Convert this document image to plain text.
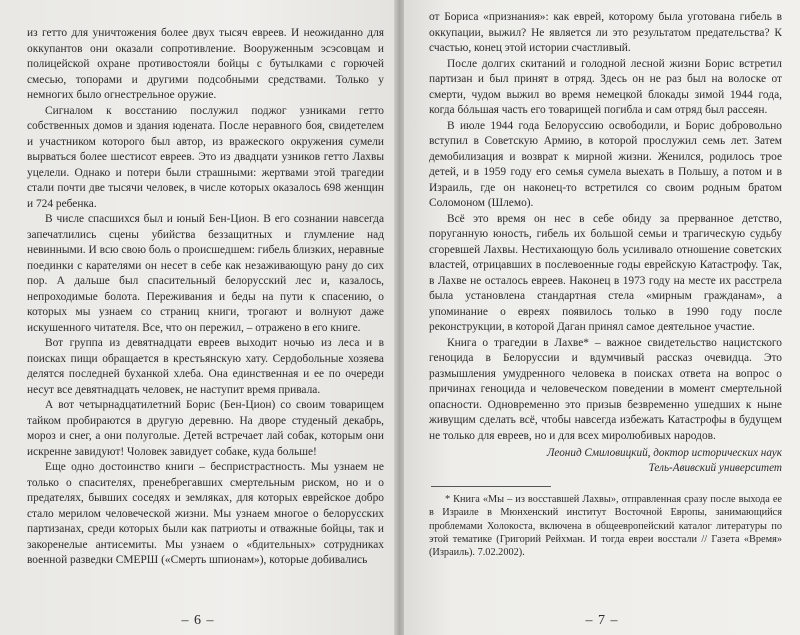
из гетто для уничтожения более двух тысяч евреев. И неожиданно для оккупантов они оказали сопротивление. Вооруженным эсэсовцам и полицейской охране противостояли бойцы с бутылками с горючей смесью, топорами и другими подсобными средствами. Только у немногих было огнестрельное оружие.

Сигналом к восстанию послужил поджог узниками гетто собственных домов и здания юдената. После неравного боя, свидетелем и участником которого был автор, из вражеского окружения сумели вырваться более шестисот евреев. Это из двадцати узников гетто Лахвы уцелели. Однако и потери были страшными: жертвами этой трагедии стали почти две тысячи человек, в числе которых оказалось 698 женщин и 724 ребенка.

В числе спасшихся был и юный Бен-Цион. В его сознании навсегда запечатлились сцены убийства беззащитных и глумление над невинными. И всю свою боль о происшедшем: гибель близких, неравные поединки с карателями он несет в себе как незаживающую рану до сих пор. А дальше был спасительный белорусский лес и, казалось, непроходимые болота. Переживания и беды на пути к спасению, о которых мы узнаем со страниц книги, трогают и волнуют даже искушенного читателя. Все, что он пережил, – отражено в его книге.

Вот группа из девятнадцати евреев выходит ночью из леса и в поисках пищи обращается в крестьянскую хату. Сердобольные хозяева делятся последней буханкой хлеба. Она единственная и ее по очереди несут все девятнадцать человек, не наступит время привала.

А вот четырнадцатилетний Борис (Бен-Цион) со своим товарищем тайком пробираются в другую деревню. На дворе студеный декабрь, мороз и снег, а они полуголые. Детей встречает лай собак, которым они искренне завидуют! Чоловек завидует собаке, куда больше!

Еще одно достоинство книги – беспристрастность. Мы узнаем не только о спасителях, пренебрегавших смертельным риском, но и о предателях, бывших соседях и земляках, для которых еврейское добро стало мерилом человеческой жизни. Мы узнаем многое о белорусских партизанах, среди которых были как патриоты и отважные бойцы, так и закоренелые антисемиты. Мы узнаем о «бдительных» сотрудниках военной разведки СМЕРШ («Смерть шпионам»), которые добивались

– 6 –

от Бориса «признания»: как еврей, которому была уготована гибель в оккупации, выжил? Не является ли это результатом предательства? К счастью, конец этой истории счастливый.

После долгих скитаний и голодной лесной жизни Борис встретил партизан и был принят в отряд. Здесь он не раз был на волоске от смерти, чудом выжил во время немецкой блокады зимой 1944 года, когда бóльшая часть его товарищей погибла и сам отряд был рассеян.

В июле 1944 года Белоруссию освободили, и Борис добровольно вступил в Советскую Армию, в которой прослужил семь лет. Затем демобилизация и возврат к мирной жизни. Женился, родилось трое детей, и в 1959 году его семья сумела выехать в Польшу, а потом и в Израиль, где он наконец-то встретился со своим родным братом Соломоном (Шлемо).

Всё это время он нес в себе обиду за прерванное детство, поруганную юность, гибель их большой семьи и трагическую судьбу сгоревшей Лахвы. Нестихающую боль усиливало отношение советских властей, отрицавших в послевоенные годы еврейскую Катастрофу. Так, в Лахве не осталось евреев. Наконец в 1973 году на месте их расстрела была установлена стандартная стела «мирным гражданам», а упоминание о евреях появилось только в 1990 году после реконструкции, в которой Даган принял самое деятельное участие.

Книга о трагедии в Лахве* – важное свидетельство нацистского геноцида в Белоруссии и вдумчивый рассказ очевидца. Это размышления умудренного человека в поисках ответа на вопрос о причинах геноцида и человеческом поведении в момент смертельной опасности. Одновременно это призыв безвременно ушедших к ныне живущим сделать всё, чтобы навсегда избежать Катастрофы в будущем не только для евреев, но и для всех миролюбивых народов.

Леонид Смиловицкий, доктор исторических наук
Тель-Авивский университет

* Книга «Мы – из восставшей Лахвы», отправленная сразу после выхода ее в Израиле в Мюнхенский институт Восточной Европы, занимающийся проблемами Холокоста, включена в общеевропейский каталог литературы по этой тематике (Григорий Рейхман. И тогда евреи восстали // Газета «Время» (Израиль). 7.02.2002).

– 7 –
